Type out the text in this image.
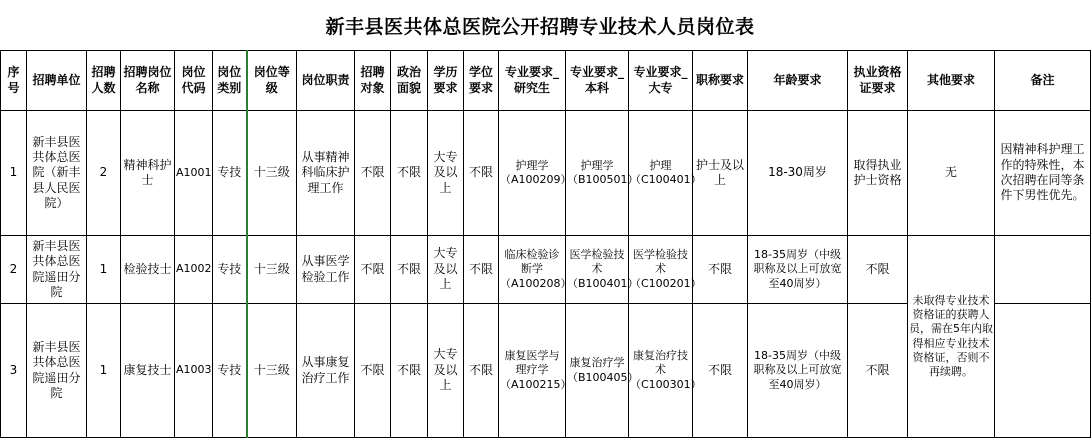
新丰县医共体总医院公开招聘专业技术人员岗位表
序号	招聘单位	招聘人数	招聘岗位名称	岗位代码	岗位类别	岗位等级	岗位职责	招聘对象	政治面貌	学历要求	学位要求	专业要求_研究生	专业要求_本科	专业要求_大专	职称要求	年龄要求	执业资格证要求	其他要求	备注
1	新丰县医共体总医院（新丰县人民医院）	2	精神科护士	A1001	专技	十三级	从事精神科临床护理工作	不限	不限	大专及以上	不限	护理学（A100209）	护理学（B100501）	护理（C100401）	护士及以上	18-30周岁	取得执业护士资格	无	因精神科护理工作的特殊性，本次招聘在同等条件下男性优先。
2	新丰县医共体总医院遥田分院	1	检验技士	A1002	专技	十三级	从事医学检验工作	不限	不限	大专及以上	不限	临床检验诊断学（A100208）	医学检验技术（B100401）	医学检验技术（C100201）	不限	18-35周岁（中级职称及以上可放宽至40周岁）	不限	未取得专业技术资格证的获聘人员，需在5年内取得相应专业技术资格证，否则不再续聘。	
3	新丰县医共体总医院遥田分院	1	康复技士	A1003	专技	十三级	从事康复治疗工作	不限	不限	大专及以上	不限	康复医学与理疗学（A100215）	康复治疗学（B100405）	康复治疗技术（C100301）	不限	18-35周岁（中级职称及以上可放宽至40周岁）	不限		
